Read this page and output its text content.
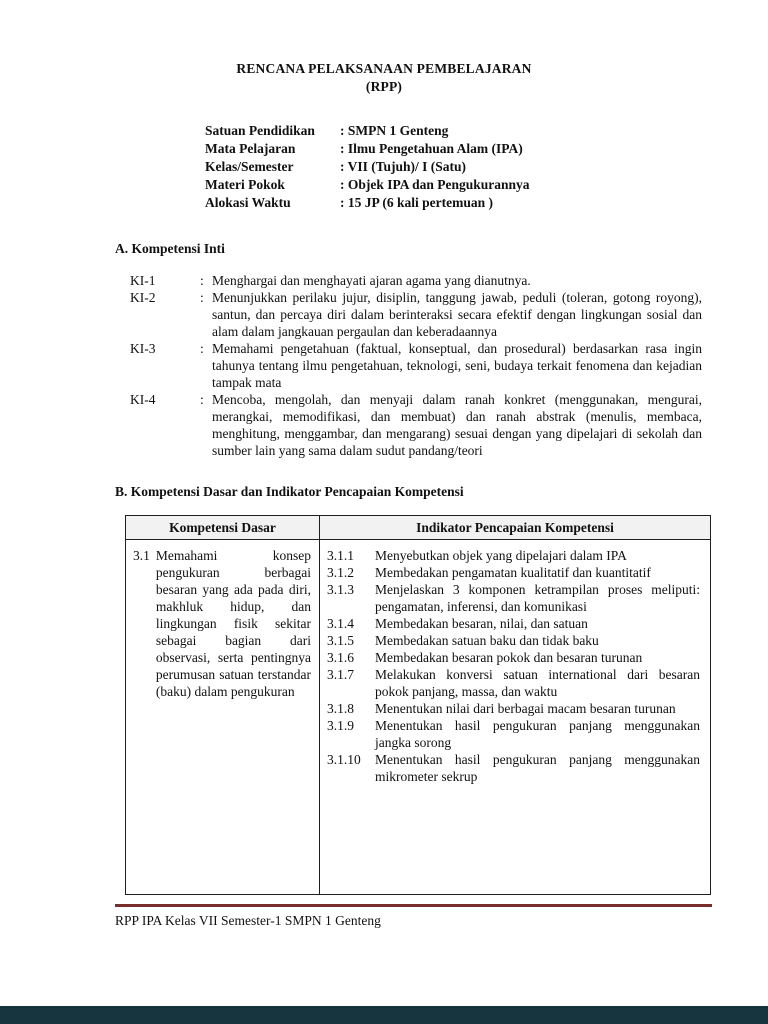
RENCANA PELAKSANAAN PEMBELAJARAN
(RPP)
Satuan Pendidikan	: SMPN 1 Genteng
Mata Pelajaran	: Ilmu Pengetahuan Alam (IPA)
Kelas/Semester	: VII (Tujuh)/ I (Satu)
Materi Pokok	: Objek IPA dan Pengukurannya
Alokasi Waktu	: 15 JP (6 kali pertemuan )
A. Kompetensi Inti
KI-1	: Menghargai dan menghayati ajaran agama yang dianutnya.
KI-2	: Menunjukkan perilaku jujur, disiplin, tanggung jawab, peduli (toleran, gotong royong), santun, dan percaya diri dalam berinteraksi secara efektif dengan lingkungan sosial dan alam dalam jangkauan pergaulan dan keberadaannya
KI-3	: Memahami pengetahuan (faktual, konseptual, dan prosedural) berdasarkan rasa ingin tahunya tentang ilmu pengetahuan, teknologi, seni, budaya terkait fenomena dan kejadian tampak mata
KI-4	: Mencoba, mengolah, dan menyaji dalam ranah konkret (menggunakan, mengurai, merangkai, memodifikasi, dan membuat) dan ranah abstrak (menulis, membaca, menghitung, menggambar, dan mengarang) sesuai dengan yang dipelajari di sekolah dan sumber lain yang sama dalam sudut pandang/teori
B. Kompetensi Dasar dan Indikator Pencapaian Kompetensi
Kompetensi Dasar	Indikator Pencapaian Kompetensi
3.1 Memahami konsep pengukuran berbagai besaran yang ada pada diri, makhluk hidup, dan lingkungan fisik sekitar sebagai bagian dari observasi, serta pentingnya perumusan satuan terstandar (baku) dalam pengukuran
3.1.1	Menyebutkan objek yang dipelajari dalam IPA
3.1.2	Membedakan pengamatan kualitatif dan kuantitatif
3.1.3	Menjelaskan 3 komponen ketrampilan proses meliputi: pengamatan, inferensi, dan komunikasi
3.1.4	Membedakan besaran, nilai, dan satuan
3.1.5	Membedakan satuan baku dan tidak baku
3.1.6	Membedakan besaran pokok dan besaran turunan
3.1.7	Melakukan konversi satuan international dari besaran pokok panjang, massa, dan waktu
3.1.8	Menentukan nilai dari berbagai macam besaran turunan
3.1.9	Menentukan hasil pengukuran panjang menggunakan jangka sorong
3.1.10	Menentukan hasil pengukuran panjang menggunakan mikrometer sekrup
RPP IPA Kelas VII Semester-1 SMPN 1 Genteng
